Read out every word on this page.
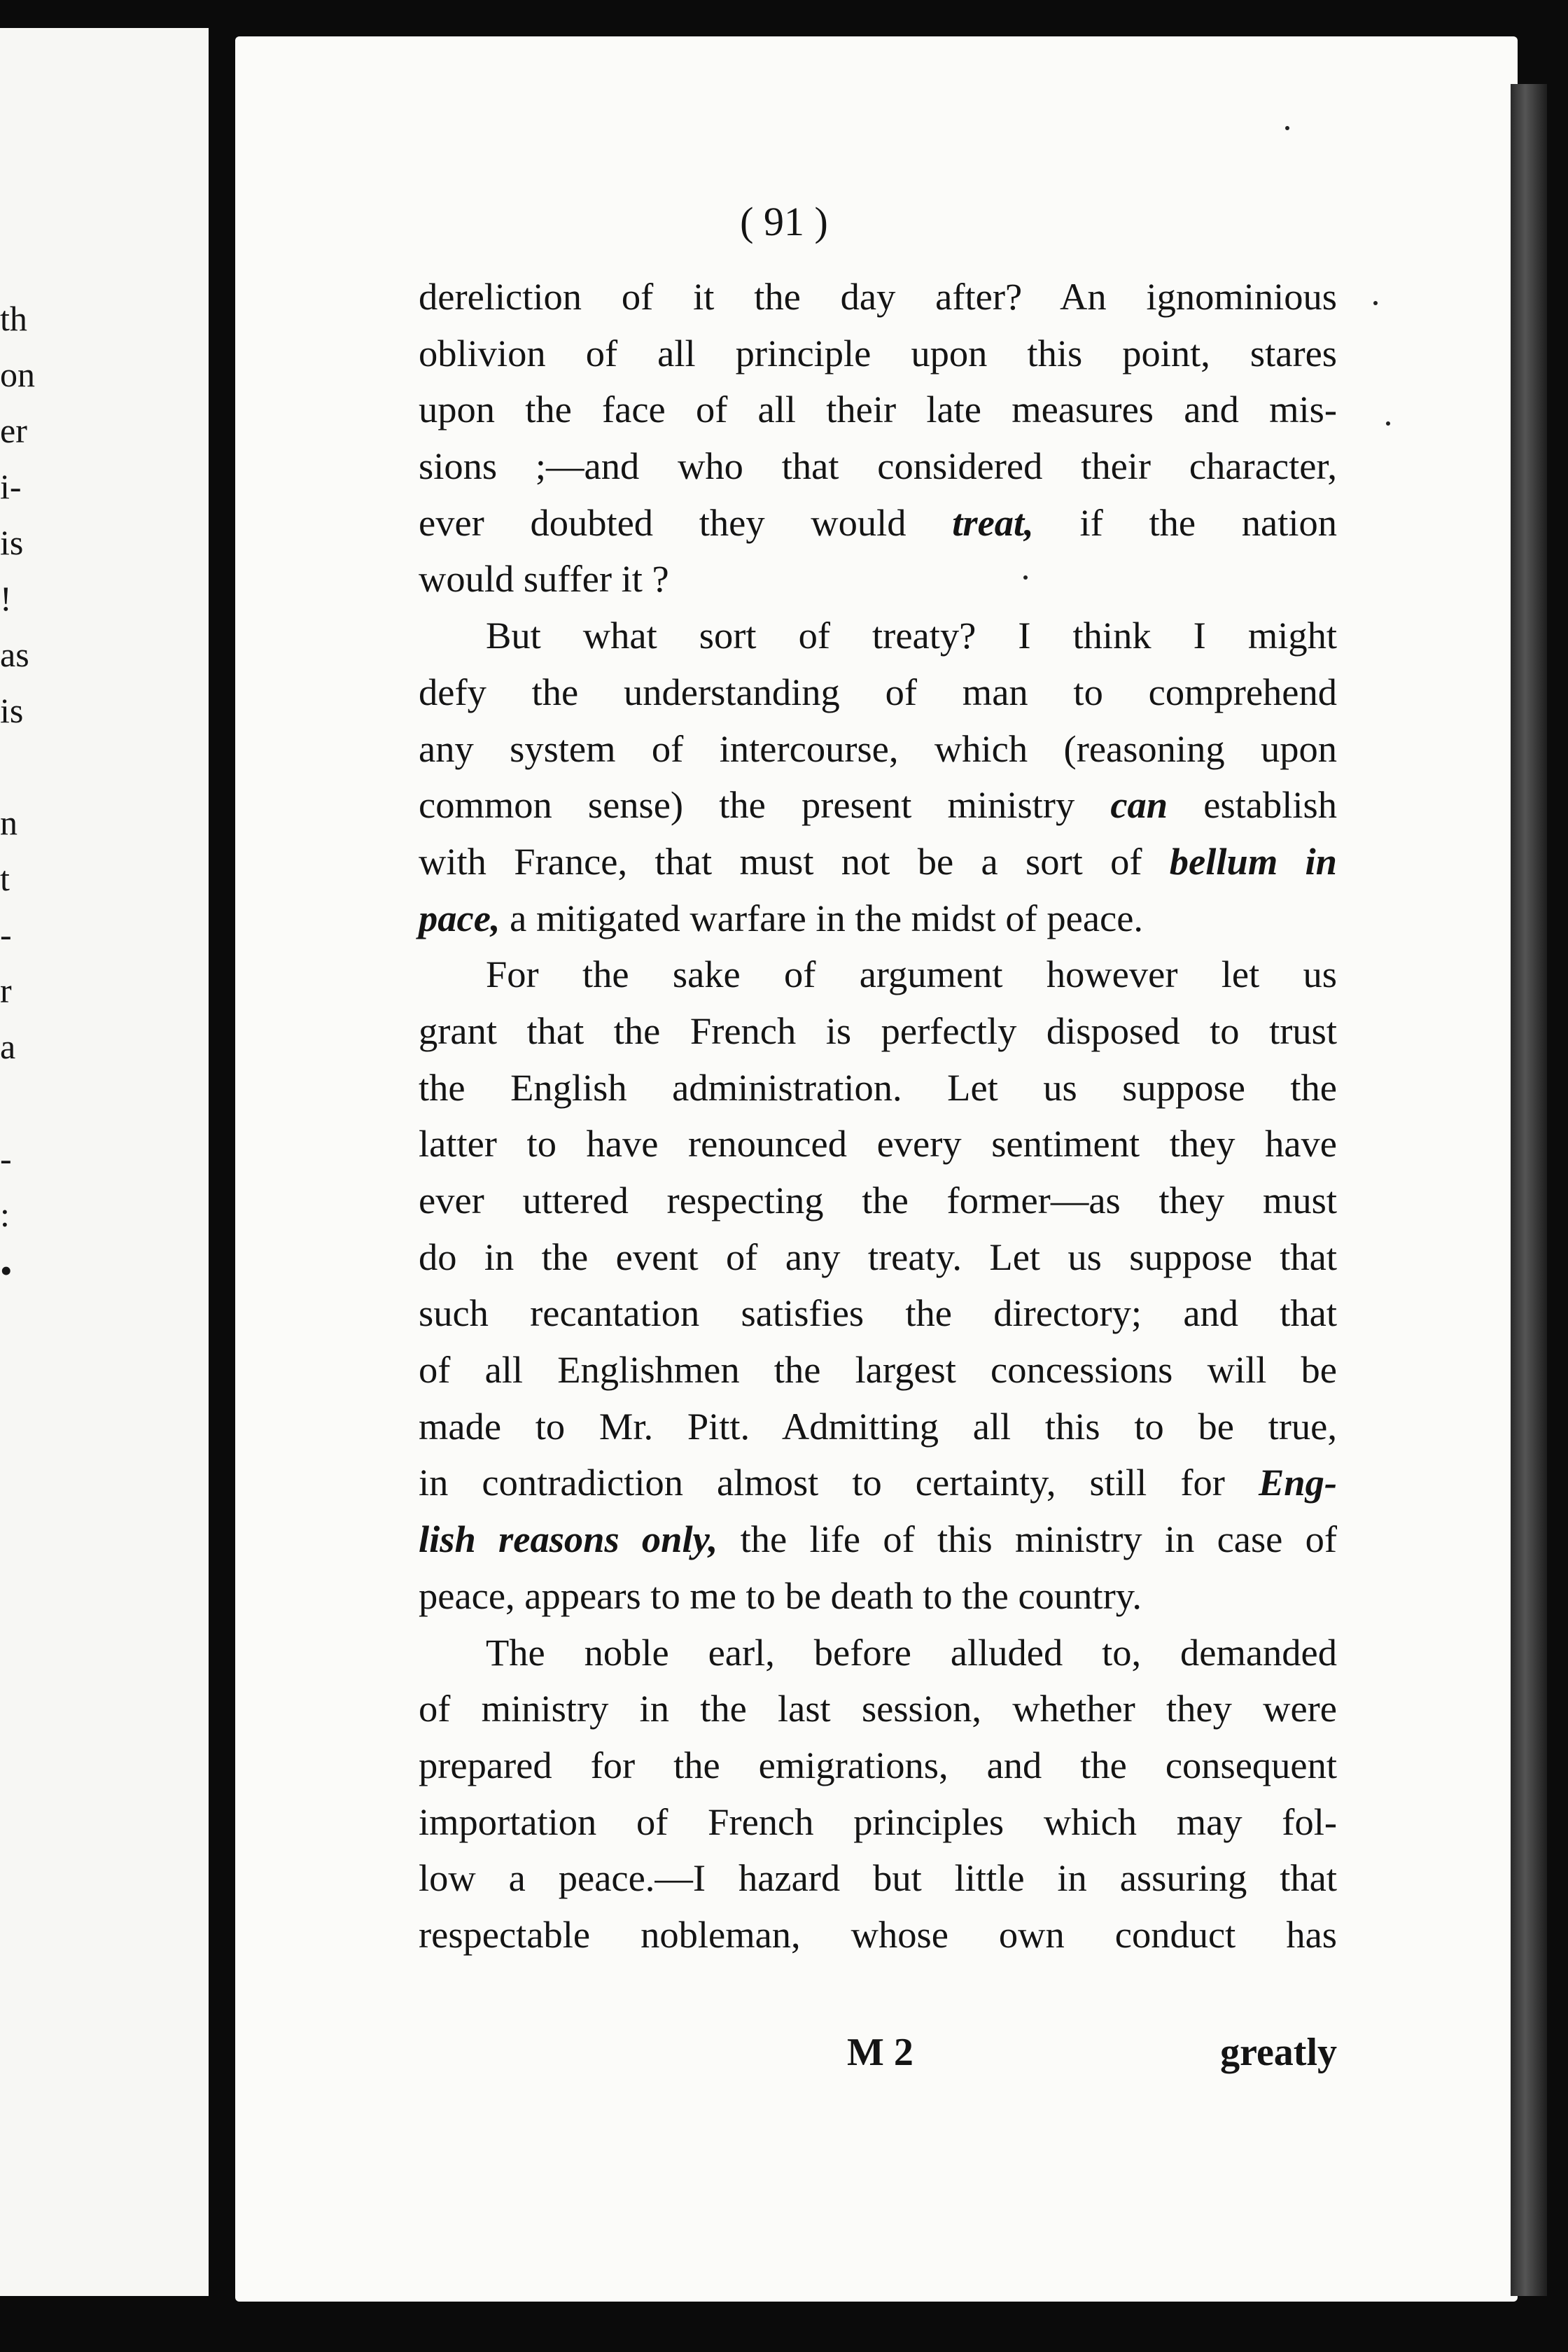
th
on
er
i-
is
!
as
is
n
t
-
r
a
-
:
•
( 91 )
dereliction of it the day after? An ignominious
oblivion of all principle upon this point, stares
upon the face of all their late measures and mis-
sions ;—and who that considered their character,
ever doubted they would treat, if the nation
would suffer it ?
But what sort of treaty? I think I might
defy the understanding of man to comprehend
any system of intercourse, which (reasoning upon
common sense) the present ministry can establish
with France, that must not be a sort of bellum in
pace, a mitigated warfare in the midst of peace.
For the sake of argument however let us
grant that the French is perfectly disposed to trust
the English administration. Let us suppose the
latter to have renounced every sentiment they have
ever uttered respecting the former—as they must
do in the event of any treaty. Let us suppose that
such recantation satisfies the directory; and that
of all Englishmen the largest concessions will be
made to Mr. Pitt. Admitting all this to be true,
in contradiction almost to certainty, still for Eng-
lish reasons only, the life of this ministry in case of
peace, appears to me to be death to the country.
The noble earl, before alluded to, demanded
of ministry in the last session, whether they were
prepared for the emigrations, and the consequent
importation of French principles which may fol-
low a peace.—I hazard but little in assuring that
respectable nobleman, whose own conduct has
M 2	greatly
